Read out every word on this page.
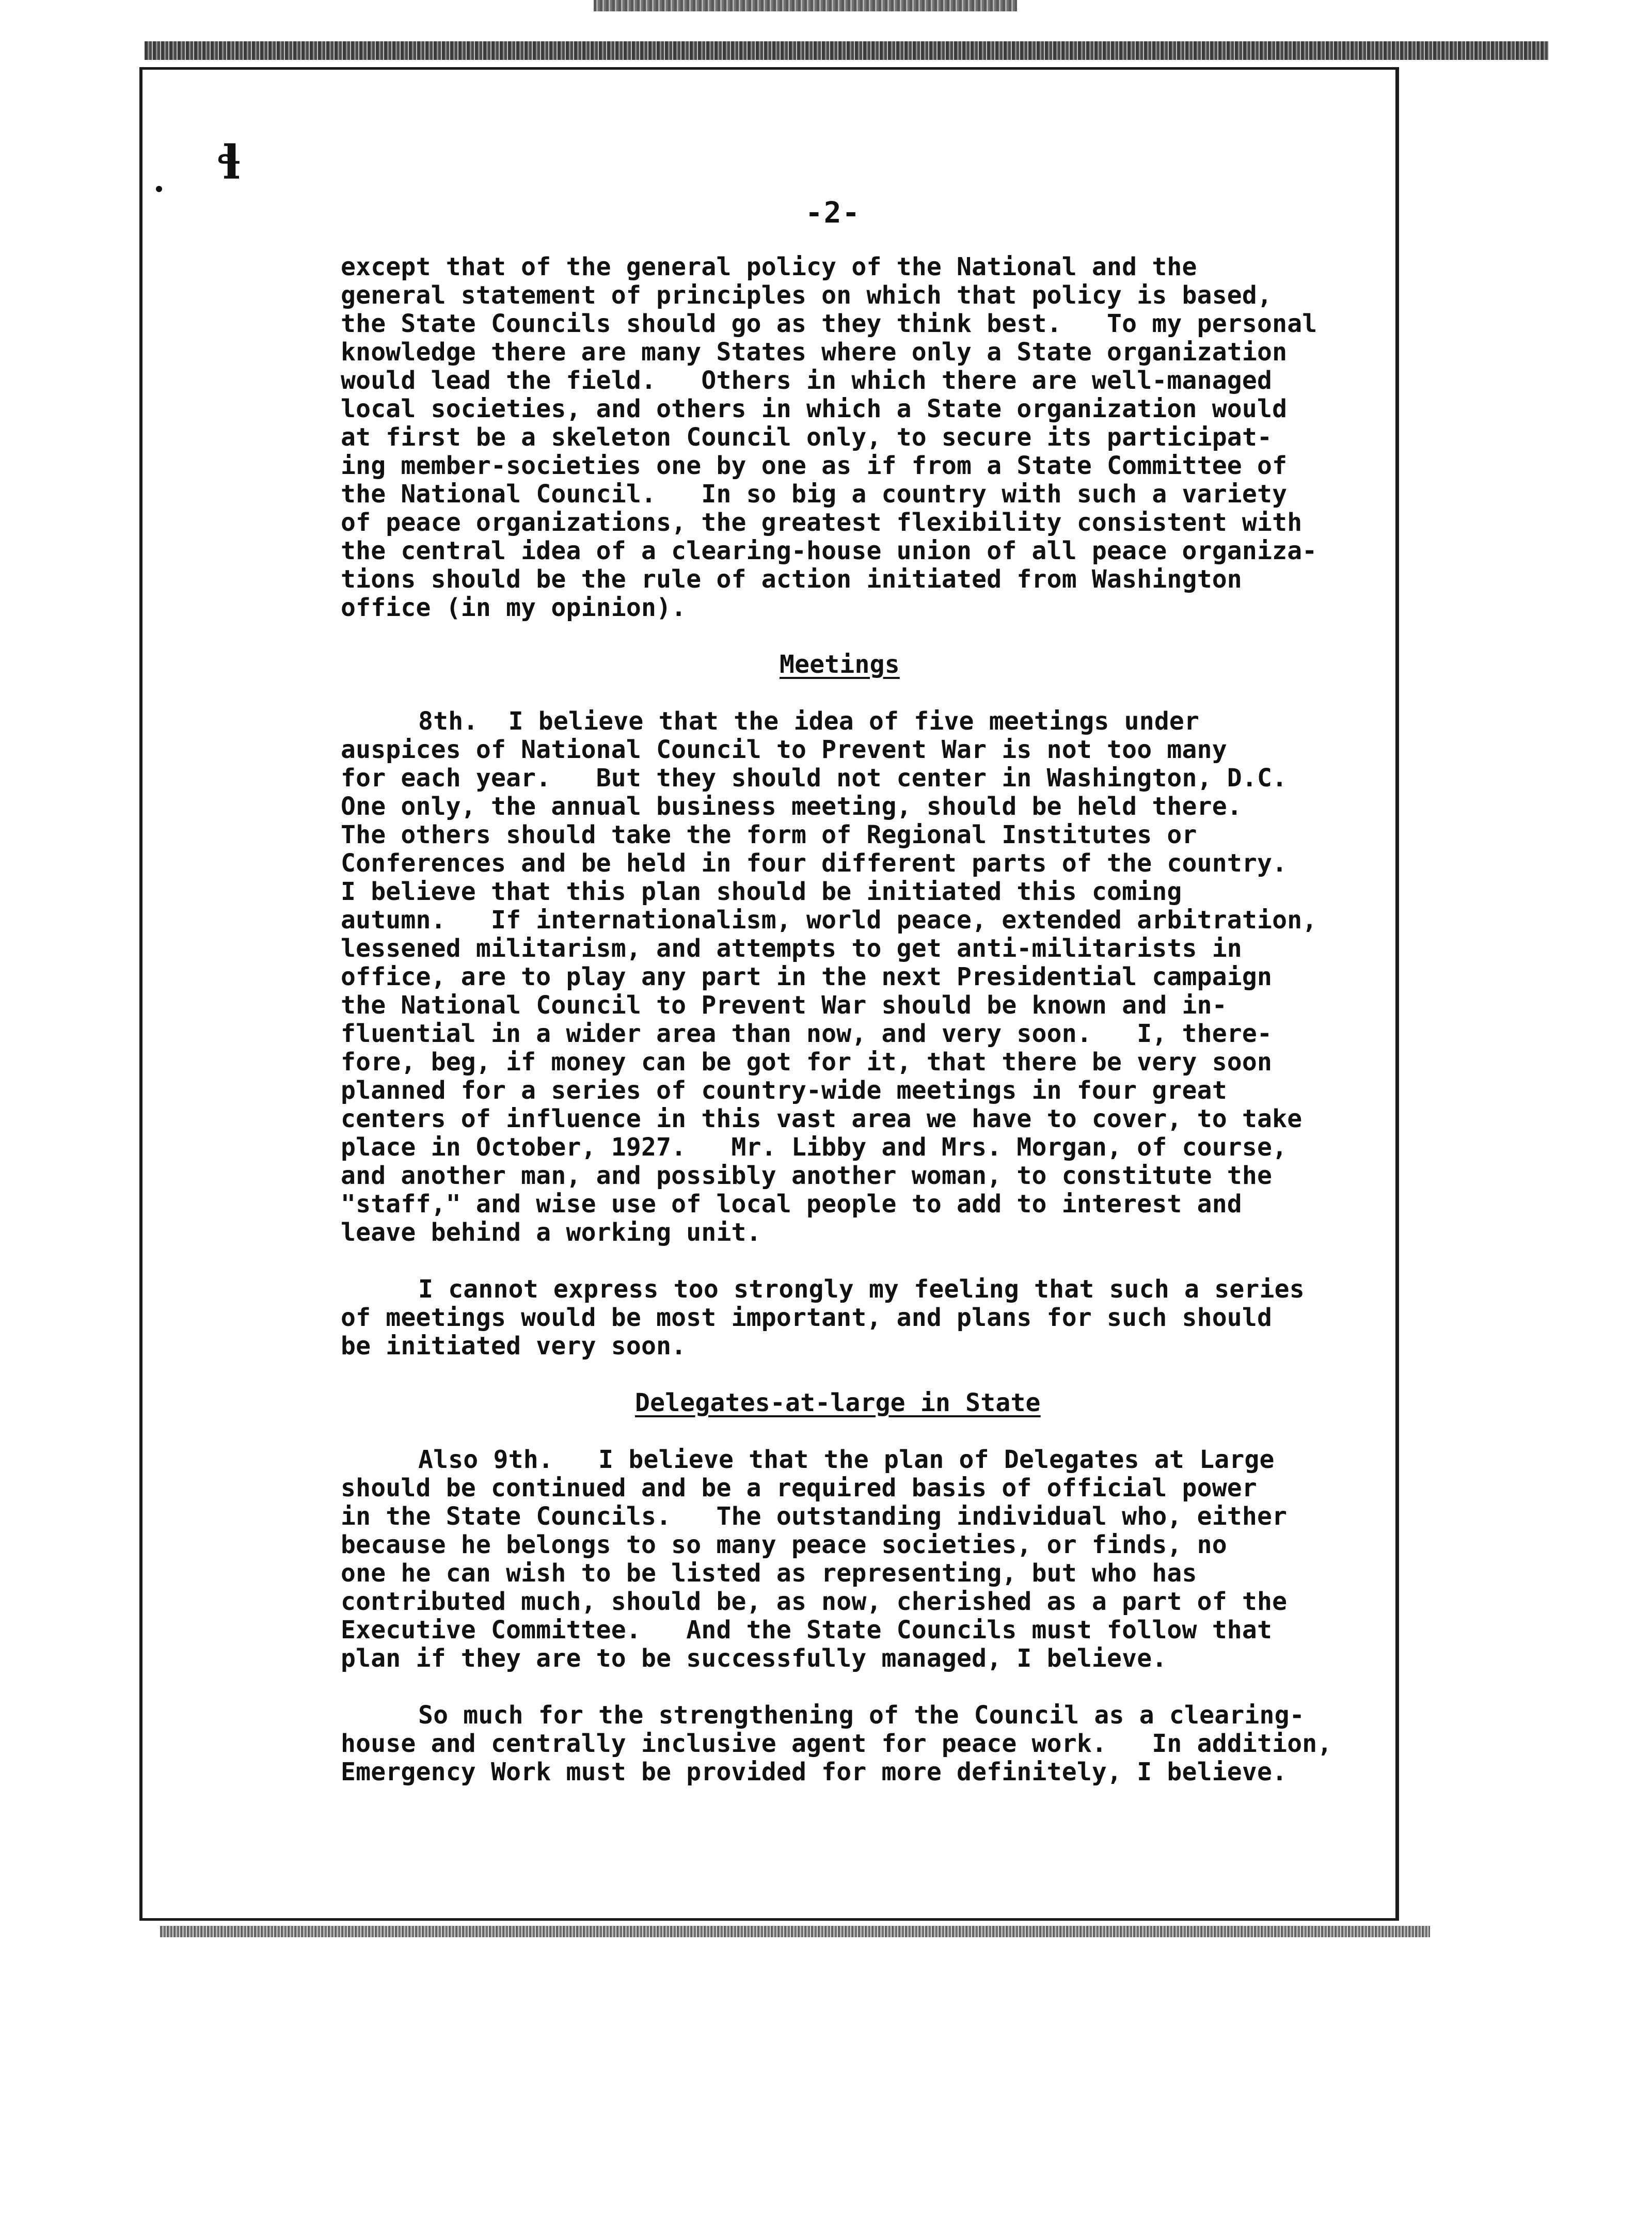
ɬ
-2-
except that of the general policy of the National and the
general statement of principles on which that policy is based,
the State Councils should go as they think best.   To my personal
knowledge there are many States where only a State organization
would lead the field.   Others in which there are well-managed
local societies, and others in which a State organization would
at first be a skeleton Council only, to secure its participat-
ing member-societies one by one as if from a State Committee of
the National Council.   In so big a country with such a variety
of peace organizations, the greatest flexibility consistent with
the central idea of a clearing-house union of all peace organiza-
tions should be the rule of action initiated from Washington
office (in my opinion).
Meetings
8th.  I believe that the idea of five meetings under
auspices of National Council to Prevent War is not too many
for each year.   But they should not center in Washington, D.C.
One only, the annual business meeting, should be held there.
The others should take the form of Regional Institutes or
Conferences and be held in four different parts of the country.
I believe that this plan should be initiated this coming
autumn.   If internationalism, world peace, extended arbitration,
lessened militarism, and attempts to get anti-militarists in
office, are to play any part in the next Presidential campaign
the National Council to Prevent War should be known and in-
fluential in a wider area than now, and very soon.   I, there-
fore, beg, if money can be got for it, that there be very soon
planned for a series of country-wide meetings in four great
centers of influence in this vast area we have to cover, to take
place in October, 1927.   Mr. Libby and Mrs. Morgan, of course,
and another man, and possibly another woman, to constitute the
"staff," and wise use of local people to add to interest and
leave behind a working unit.
I cannot express too strongly my feeling that such a series
of meetings would be most important, and plans for such should
be initiated very soon.
Delegates-at-large in State
Also 9th.   I believe that the plan of Delegates at Large
should be continued and be a required basis of official power
in the State Councils.   The outstanding individual who, either
because he belongs to so many peace societies, or finds, no
one he can wish to be listed as representing, but who has
contributed much, should be, as now, cherished as a part of the
Executive Committee.   And the State Councils must follow that
plan if they are to be successfully managed, I believe.
So much for the strengthening of the Council as a clearing-
house and centrally inclusive agent for peace work.   In addition,
Emergency Work must be provided for more definitely, I believe.
